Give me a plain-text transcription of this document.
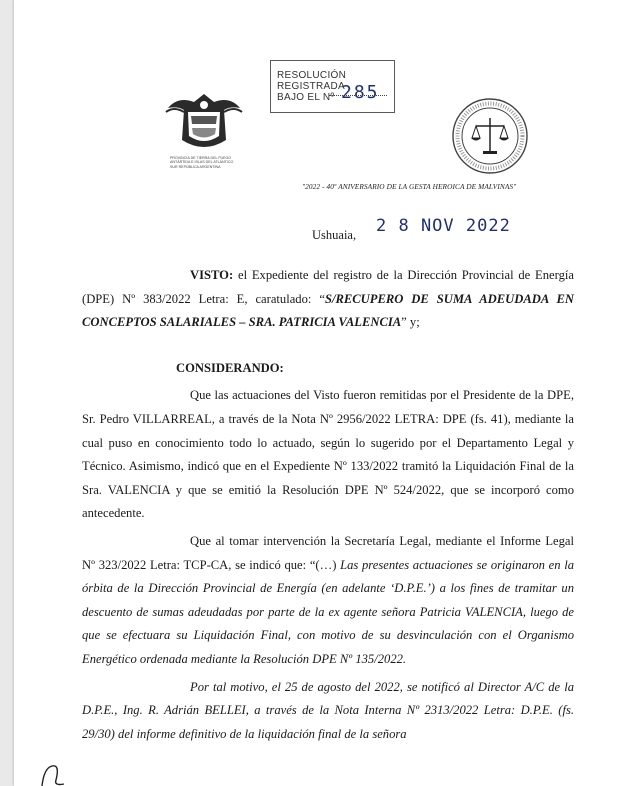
RESOLUCIÓN REGISTRADA
BAJO EL Nº 285
PROVINCIA DE TIERRA DEL FUEGO ANTÁRTIDA E ISLAS DEL ATLÁNTICO SUR REPÚBLICA ARGENTINA
"2022 - 40º ANIVERSARIO DE LA GESTA HEROICA DE MALVINAS"
Ushuaia, 2 8 NOV 2022

VISTO: el Expediente del registro de la Dirección Provincial de Energía (DPE) Nº 383/2022 Letra: E, caratulado: “S/RECUPERO DE SUMA ADEUDADA EN CONCEPTOS SALARIALES – SRA. PATRICIA VALENCIA” y;

CONSIDERANDO:

Que las actuaciones del Visto fueron remitidas por el Presidente de la DPE, Sr. Pedro VILLARREAL, a través de la Nota Nº 2956/2022 LETRA: DPE (fs. 41), mediante la cual puso en conocimiento todo lo actuado, según lo sugerido por el Departamento Legal y Técnico. Asimismo, indicó que en el Expediente Nº 133/2022 tramitó la Liquidación Final de la Sra. VALENCIA y que se emitió la Resolución DPE Nº 524/2022, que se incorporó como antecedente.

Que al tomar intervención la Secretaría Legal, mediante el Informe Legal Nº 323/2022 Letra: TCP-CA, se indicó que: “(…) Las presentes actuaciones se originaron en la órbita de la Dirección Provincial de Energía (en adelante ‘D.P.E.’) a los fines de tramitar un descuento de sumas adeudadas por parte de la ex agente señora Patricia VALENCIA, luego de que se efectuara su Liquidación Final, con motivo de su desvinculación con el Organismo Energético ordenada mediante la Resolución DPE Nº 135/2022.

Por tal motivo, el 25 de agosto del 2022, se notificó al Director A/C de la D.P.E., Ing. R. Adrián BELLEI, a través de la Nota Interna Nº 2313/2022 Letra: D.P.E. (fs. 29/30) del informe definitivo de la liquidación final de la señora
